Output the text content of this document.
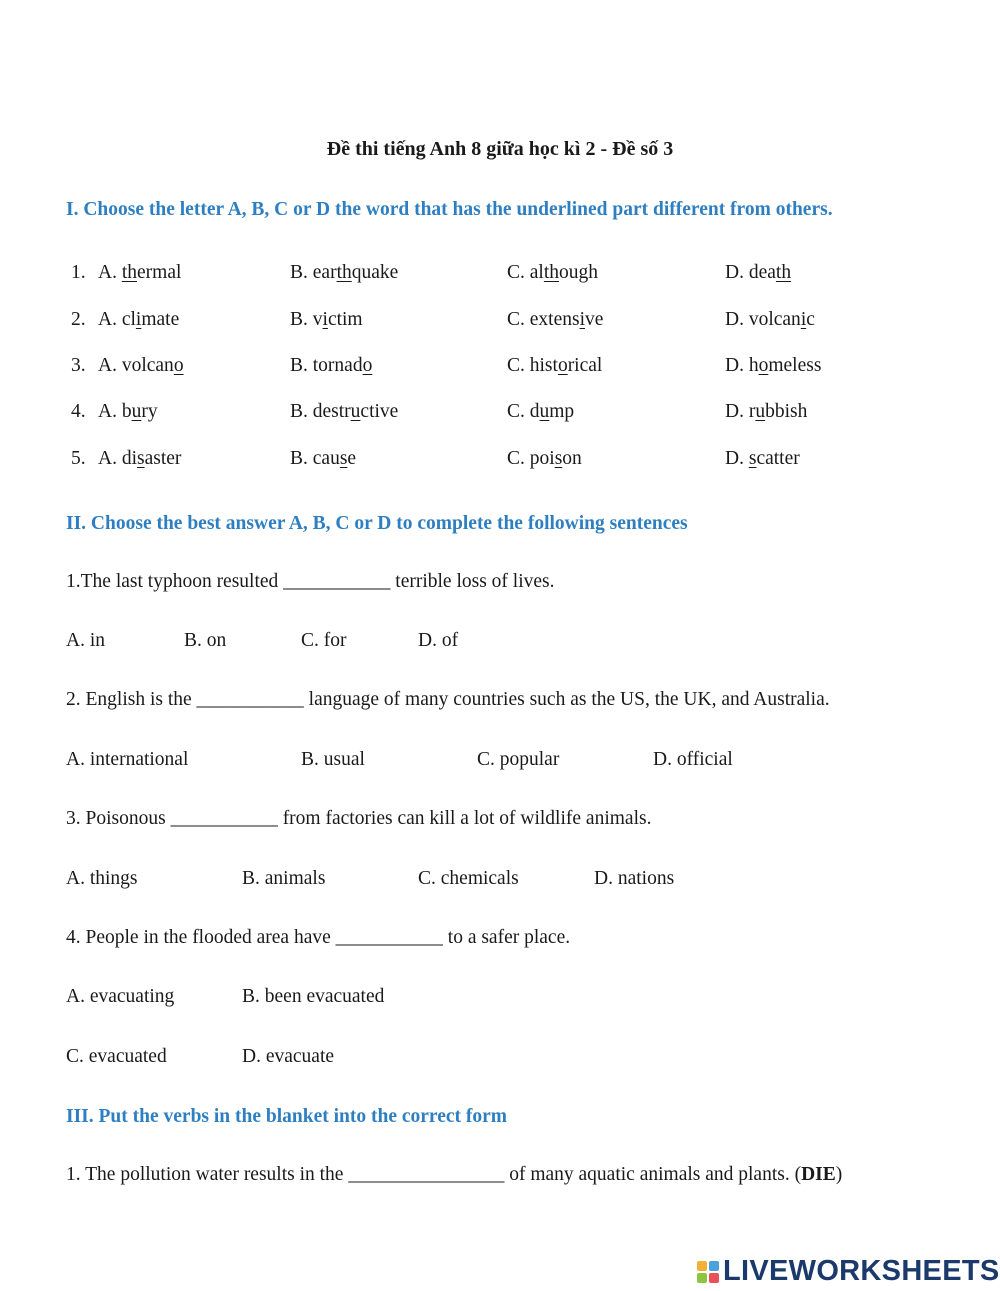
Đề thi tiếng Anh 8 giữa học kì 2 - Đề số 3
I. Choose the letter A, B, C or D the word that has the underlined part different from others.
1. A. thermal	B. earthquake	C. although	D. death
2. A. climate	B. victim	C. extensive	D. volcanic
3. A. volcano	B. tornado	C. historical	D. homeless
4. A. bury	B. destructive	C. dump	D. rubbish
5. A. disaster	B. cause	C. poison	D. scatter
II. Choose the best answer A, B, C or D to complete the following sentences
1.The last typhoon resulted ___________ terrible loss of lives.
A. in	B. on	C. for	D. of
2. English is the ___________ language of many countries such as the US, the UK, and Australia.
A. international	B. usual	C. popular	D. official
3. Poisonous ___________ from factories can kill a lot of wildlife animals.
A. things	B. animals	C. chemicals	D. nations
4. People in the flooded area have ___________ to a safer place.
A. evacuating	B. been evacuated
C. evacuated	D. evacuate
III. Put the verbs in the blanket into the correct form
1. The pollution water results in the ________________ of many aquatic animals and plants. (DIE)
LIVEWORKSHEETS
